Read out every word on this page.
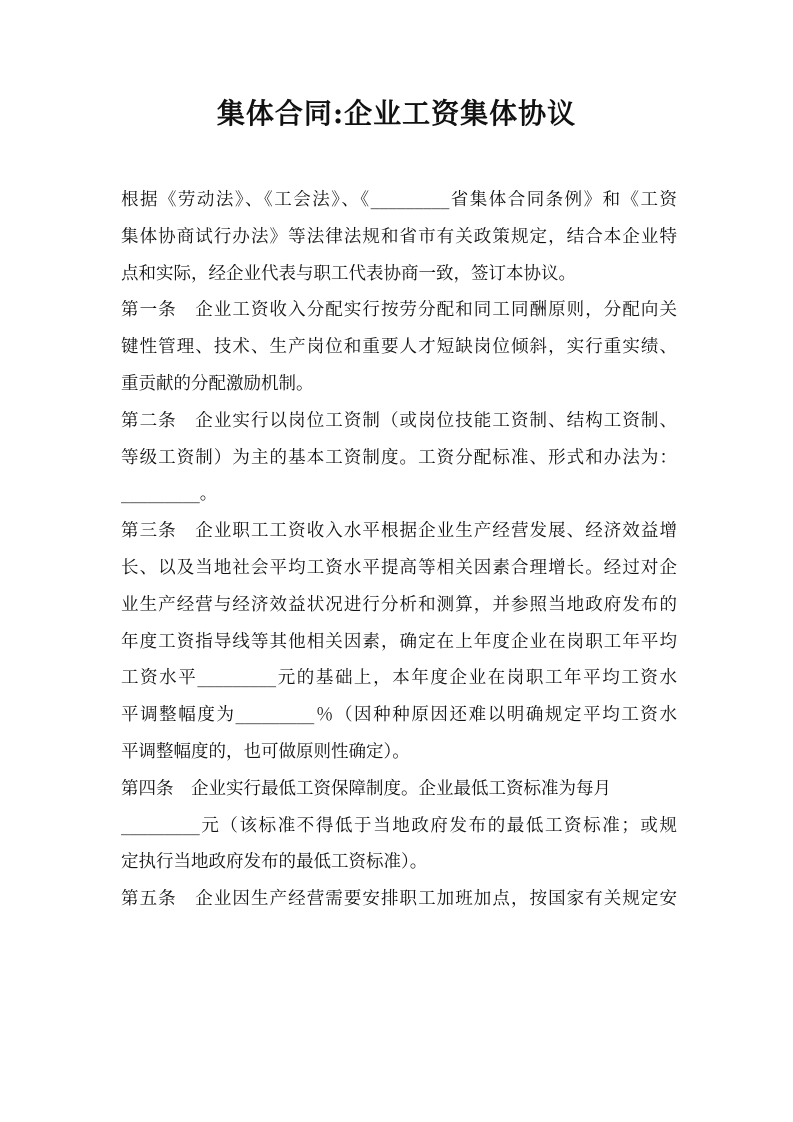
集体合同:企业工资集体协议
根据《劳动法》、《工会法》、《_________省集体合同条例》和《工资
集体协商试行办法》等法律法规和省市有关政策规定，结合本企业特
点和实际，经企业代表与职工代表协商一致，签订本协议。
第一条　企业工资收入分配实行按劳分配和同工同酬原则，分配向关
键性管理、技术、生产岗位和重要人才短缺岗位倾斜，实行重实绩、
重贡献的分配激励机制。
第二条　企业实行以岗位工资制（或岗位技能工资制、结构工资制、
等级工资制）为主的基本工资制度。工资分配标准、形式和办法为：
_________。
第三条　企业职工工资收入水平根据企业生产经营发展、经济效益增
长、以及当地社会平均工资水平提高等相关因素合理增长。经过对企
业生产经营与经济效益状况进行分析和测算，并参照当地政府发布的
年度工资指导线等其他相关因素，确定在上年度企业在岗职工年平均
工资水平_________元的基础上，本年度企业在岗职工年平均工资水
平调整幅度为_________％（因种种原因还难以明确规定平均工资水
平调整幅度的，也可做原则性确定）。
第四条　企业实行最低工资保障制度。企业最低工资标准为每月
_________元（该标准不得低于当地政府发布的最低工资标准；或规
定执行当地政府发布的最低工资标准）。
第五条　企业因生产经营需要安排职工加班加点，按国家有关规定安
